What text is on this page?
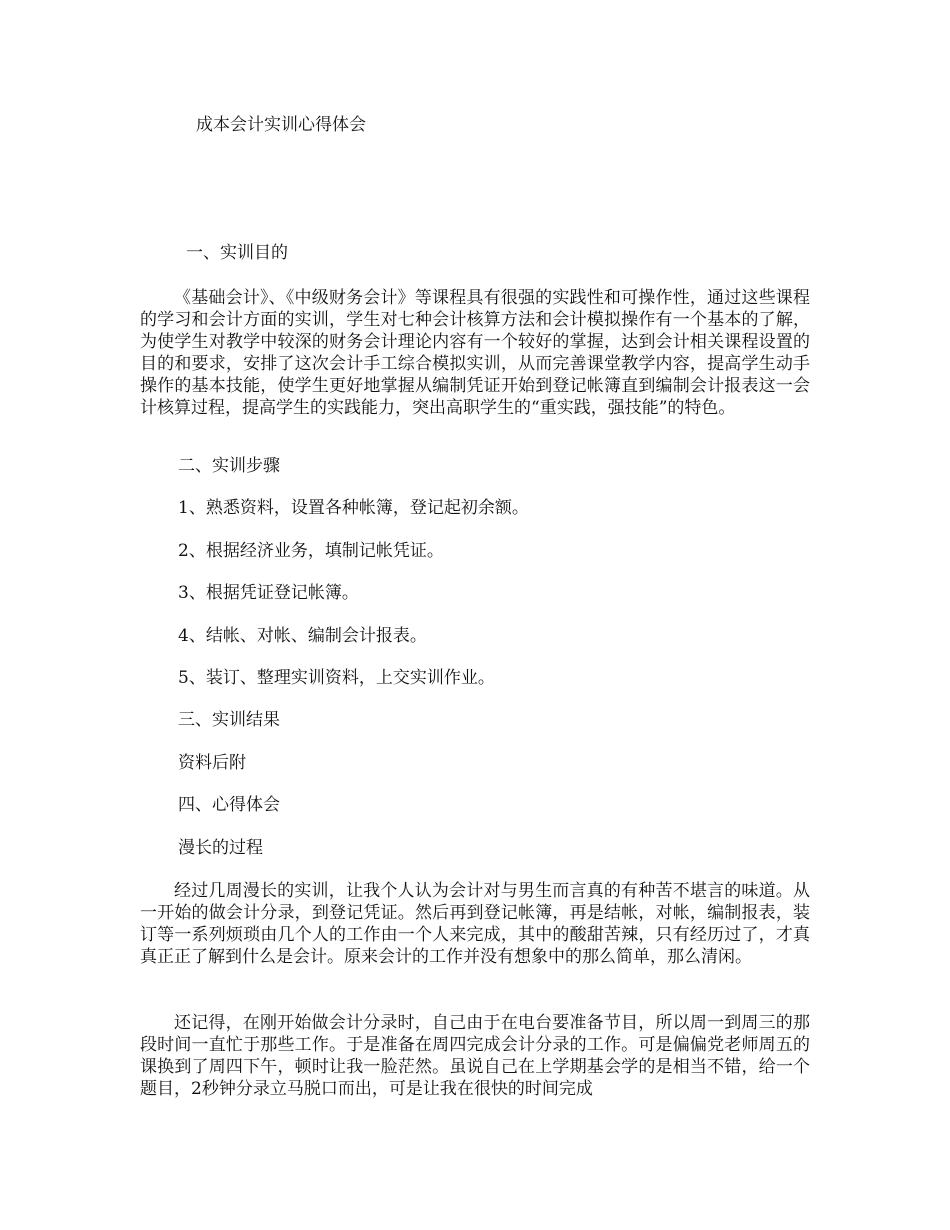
成本会计实训心得体会
一、实训目的
《基础会计》、《中级财务会计》等课程具有很强的实践性和可操作性，通过这些课程的学习和会计方面的实训，学生对七种会计核算方法和会计模拟操作有一个基本的了解，为使学生对教学中较深的财务会计理论内容有一个较好的掌握，达到会计相关课程设置的目的和要求，安排了这次会计手工综合模拟实训，从而完善课堂教学内容，提高学生动手操作的基本技能，使学生更好地掌握从编制凭证开始到登记帐簿直到编制会计报表这一会计核算过程，提高学生的实践能力，突出高职学生的“重实践，强技能”的特色。
二、实训步骤
1、熟悉资料，设置各种帐簿，登记起初余额。
2、根据经济业务，填制记帐凭证。
3、根据凭证登记帐簿。
4、结帐、对帐、编制会计报表。
5、装订、整理实训资料，上交实训作业。
三、实训结果
资料后附
四、心得体会
漫长的过程
经过几周漫长的实训，让我个人认为会计对与男生而言真的有种苦不堪言的味道。从一开始的做会计分录，到登记凭证。然后再到登记帐簿，再是结帐，对帐，编制报表，装订等一系列烦琐由几个人的工作由一个人来完成，其中的酸甜苦辣，只有经历过了，才真真正正了解到什么是会计。原来会计的工作并没有想象中的那么简单，那么清闲。
还记得，在刚开始做会计分录时，自己由于在电台要准备节目，所以周一到周三的那段时间一直忙于那些工作。于是准备在周四完成会计分录的工作。可是偏偏党老师周五的课换到了周四下午，顿时让我一脸茫然。虽说自己在上学期基会学的是相当不错，给一个题目，2秒钟分录立马脱口而出，可是让我在很快的时间完成
